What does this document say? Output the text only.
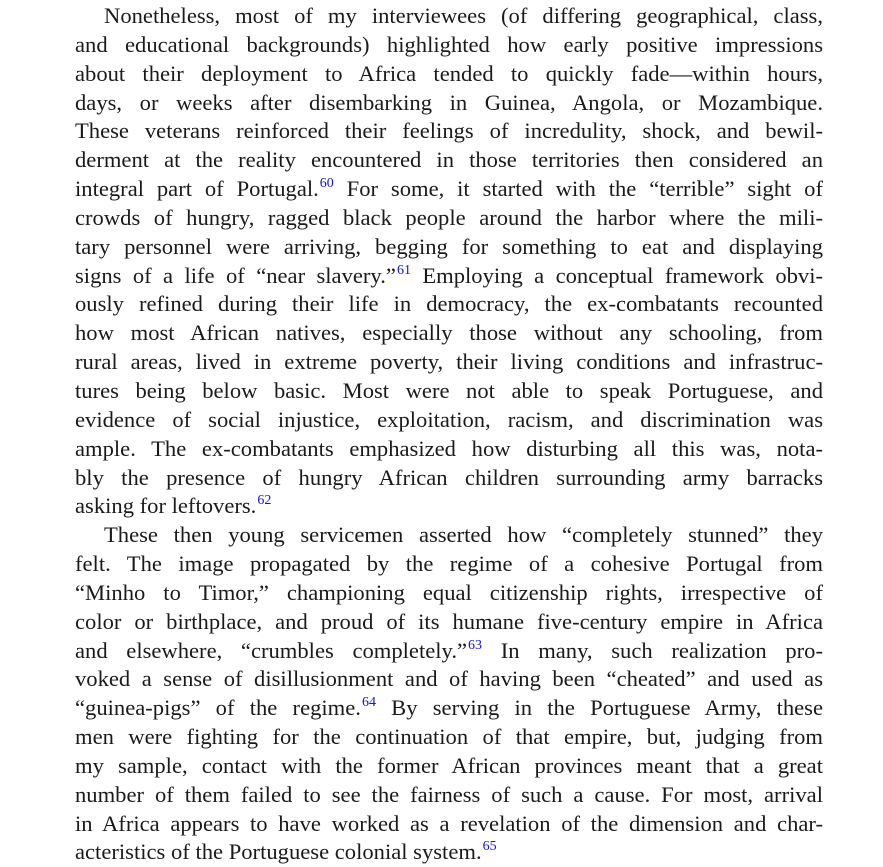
Nonetheless, most of my interviewees (of differing geographical, class,
and educational backgrounds) highlighted how early positive impressions
about their deployment to Africa tended to quickly fade—within hours,
days, or weeks after disembarking in Guinea, Angola, or Mozambique.
These veterans reinforced their feelings of incredulity, shock, and bewil-
derment at the reality encountered in those territories then considered an
integral part of Portugal.$^{60}$ For some, it started with the “terrible” sight of
crowds of hungry, ragged black people around the harbor where the mili-
tary personnel were arriving, begging for something to eat and displaying
signs of a life of “near slavery.”$^{61}$ Employing a conceptual framework obvi-
ously refined during their life in democracy, the ex-combatants recounted
how most African natives, especially those without any schooling, from
rural areas, lived in extreme poverty, their living conditions and infrastruc-
tures being below basic. Most were not able to speak Portuguese, and
evidence of social injustice, exploitation, racism, and discrimination was
ample. The ex-combatants emphasized how disturbing all this was, nota-
bly the presence of hungry African children surrounding army barracks
asking for leftovers.$^{62}$
These then young servicemen asserted how “completely stunned” they
felt. The image propagated by the regime of a cohesive Portugal from
“Minho to Timor,” championing equal citizenship rights, irrespective of
color or birthplace, and proud of its humane five-century empire in Africa
and elsewhere, “crumbles completely.”$^{63}$ In many, such realization pro-
voked a sense of disillusionment and of having been “cheated” and used as
“guinea-pigs” of the regime.$^{64}$ By serving in the Portuguese Army, these
men were fighting for the continuation of that empire, but, judging from
my sample, contact with the former African provinces meant that a great
number of them failed to see the fairness of such a cause. For most, arrival
in Africa appears to have worked as a revelation of the dimension and char-
acteristics of the Portuguese colonial system.$^{65}$
